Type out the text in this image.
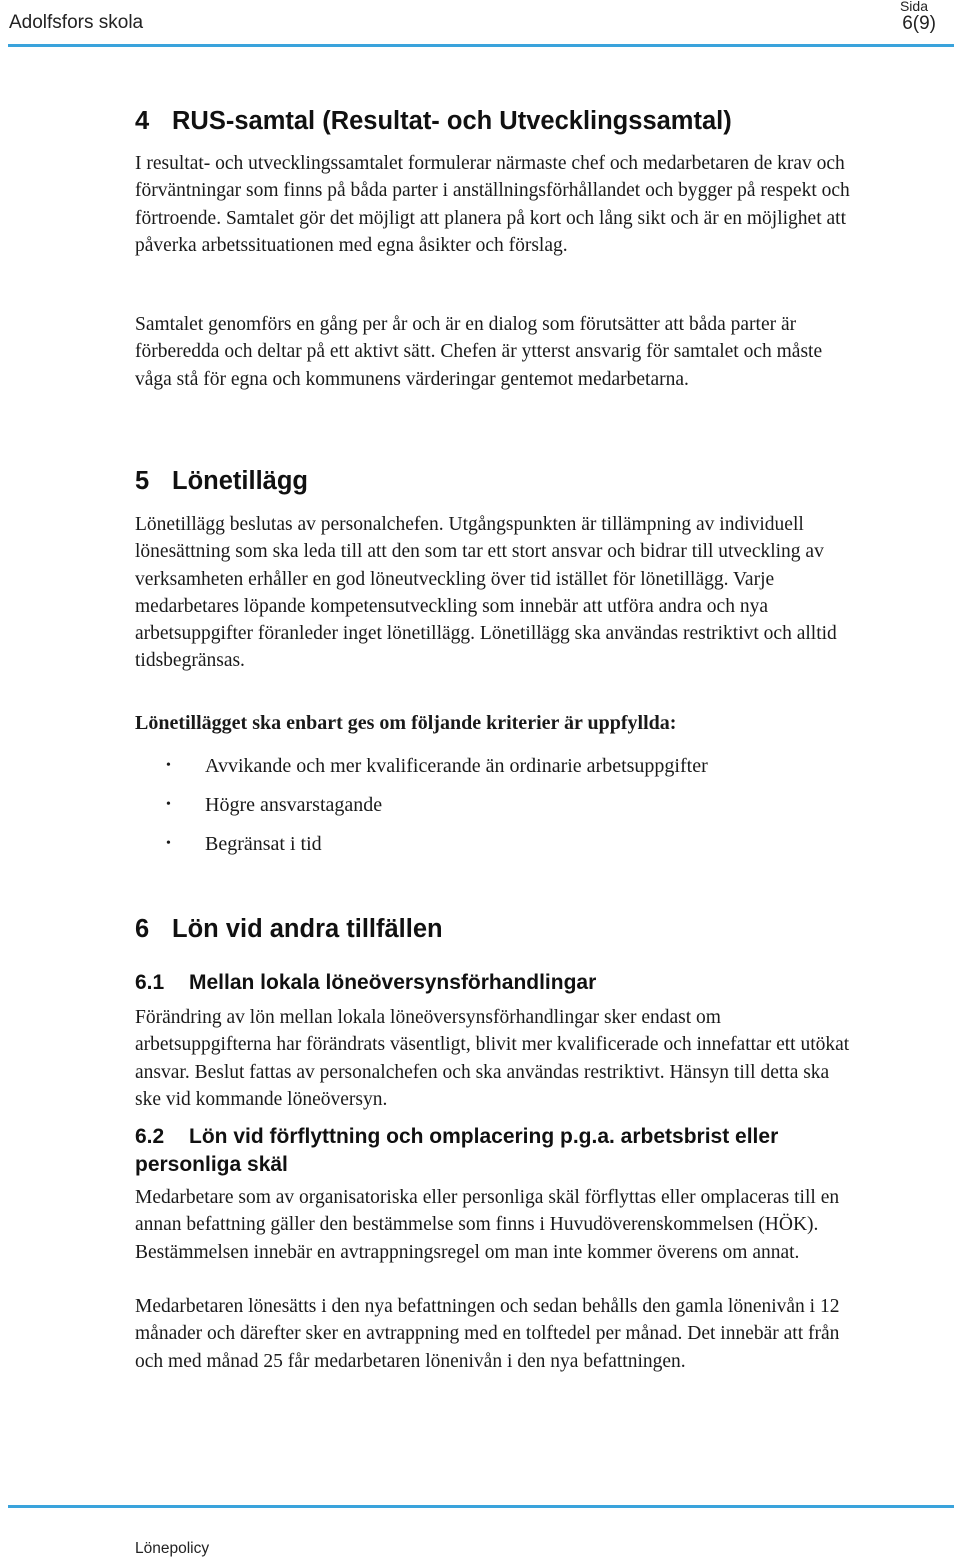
Adolfsfors skola
Sida
6(9)
4 RUS-samtal (Resultat- och Utvecklingssamtal)

I resultat- och utvecklingssamtalet formulerar närmaste chef och medarbetaren de krav och förväntningar som finns på båda parter i anställningsförhållandet och bygger på respekt och förtroende. Samtalet gör det möjligt att planera på kort och lång sikt och är en möjlighet att påverka arbetssituationen med egna åsikter och förslag.

Samtalet genomförs en gång per år och är en dialog som förutsätter att båda parter är förberedda och deltar på ett aktivt sätt. Chefen är ytterst ansvarig för samtalet och måste våga stå för egna och kommunens värderingar gentemot medarbetarna.

5 Lönetillägg

Lönetillägg beslutas av personalchefen. Utgångspunkten är tillämpning av individuell lönesättning som ska leda till att den som tar ett stort ansvar och bidrar till utveckling av verksamheten erhåller en god löneutveckling över tid istället för lönetillägg. Varje medarbetares löpande kompetensutveckling som innebär att utföra andra och nya arbetsuppgifter föranleder inget lönetillägg. Lönetillägg ska användas restriktivt och alltid tidsbegränsas.

Lönetillägget ska enbart ges om följande kriterier är uppfyllda:

• Avvikande och mer kvalificerande än ordinarie arbetsuppgifter
• Högre ansvarstagande
• Begränsat i tid
6 Lön vid andra tillfällen
6.1 Mellan lokala löneöversynsförhandlingar

Förändring av lön mellan lokala löneöversynsförhandlingar sker endast om arbetsuppgifterna har förändrats väsentligt, blivit mer kvalificerade och innefattar ett utökat ansvar. Beslut fattas av personalchefen och ska användas restriktivt. Hänsyn till detta ska ske vid kommande löneöversyn.

6.2 Lön vid förflyttning och omplacering p.g.a. arbetsbrist eller personliga skäl

Medarbetare som av organisatoriska eller personliga skäl förflyttas eller omplaceras till en annan befattning gäller den bestämmelse som finns i Huvudöverenskommelsen (HÖK). Bestämmelsen innebär en avtrappningsregel om man inte kommer överens om annat.

Medarbetaren lönesätts i den nya befattningen och sedan behålls den gamla lönenivån i 12 månader och därefter sker en avtrappning med en tolftedel per månad. Det innebär att från och med månad 25 får medarbetaren lönenivån i den nya befattningen.

Lönepolicy
